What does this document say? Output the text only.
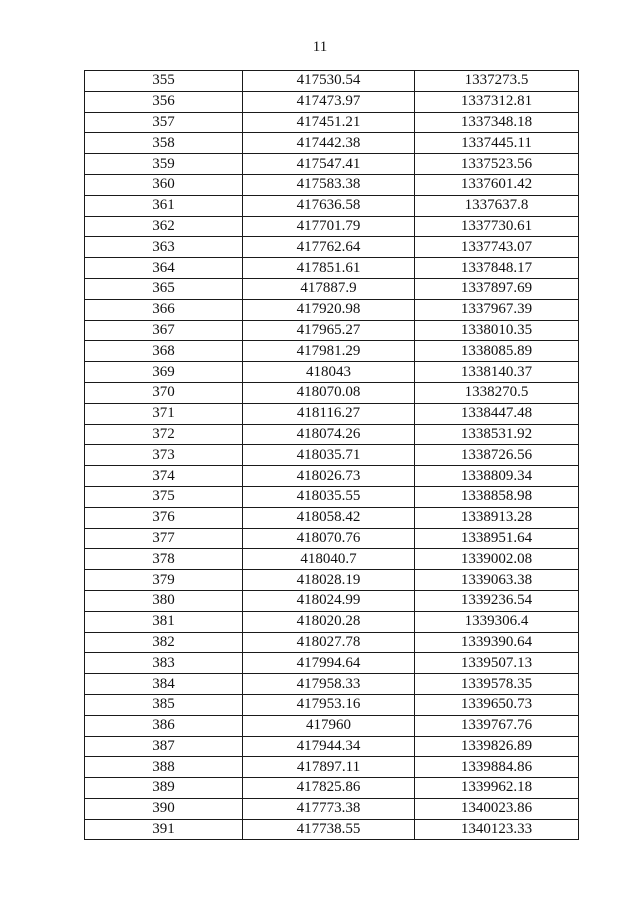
11
355	417530.54	1337273.5
356	417473.97	1337312.81
357	417451.21	1337348.18
358	417442.38	1337445.11
359	417547.41	1337523.56
360	417583.38	1337601.42
361	417636.58	1337637.8
362	417701.79	1337730.61
363	417762.64	1337743.07
364	417851.61	1337848.17
365	417887.9	1337897.69
366	417920.98	1337967.39
367	417965.27	1338010.35
368	417981.29	1338085.89
369	418043	1338140.37
370	418070.08	1338270.5
371	418116.27	1338447.48
372	418074.26	1338531.92
373	418035.71	1338726.56
374	418026.73	1338809.34
375	418035.55	1338858.98
376	418058.42	1338913.28
377	418070.76	1338951.64
378	418040.7	1339002.08
379	418028.19	1339063.38
380	418024.99	1339236.54
381	418020.28	1339306.4
382	418027.78	1339390.64
383	417994.64	1339507.13
384	417958.33	1339578.35
385	417953.16	1339650.73
386	417960	1339767.76
387	417944.34	1339826.89
388	417897.11	1339884.86
389	417825.86	1339962.18
390	417773.38	1340023.86
391	417738.55	1340123.33
